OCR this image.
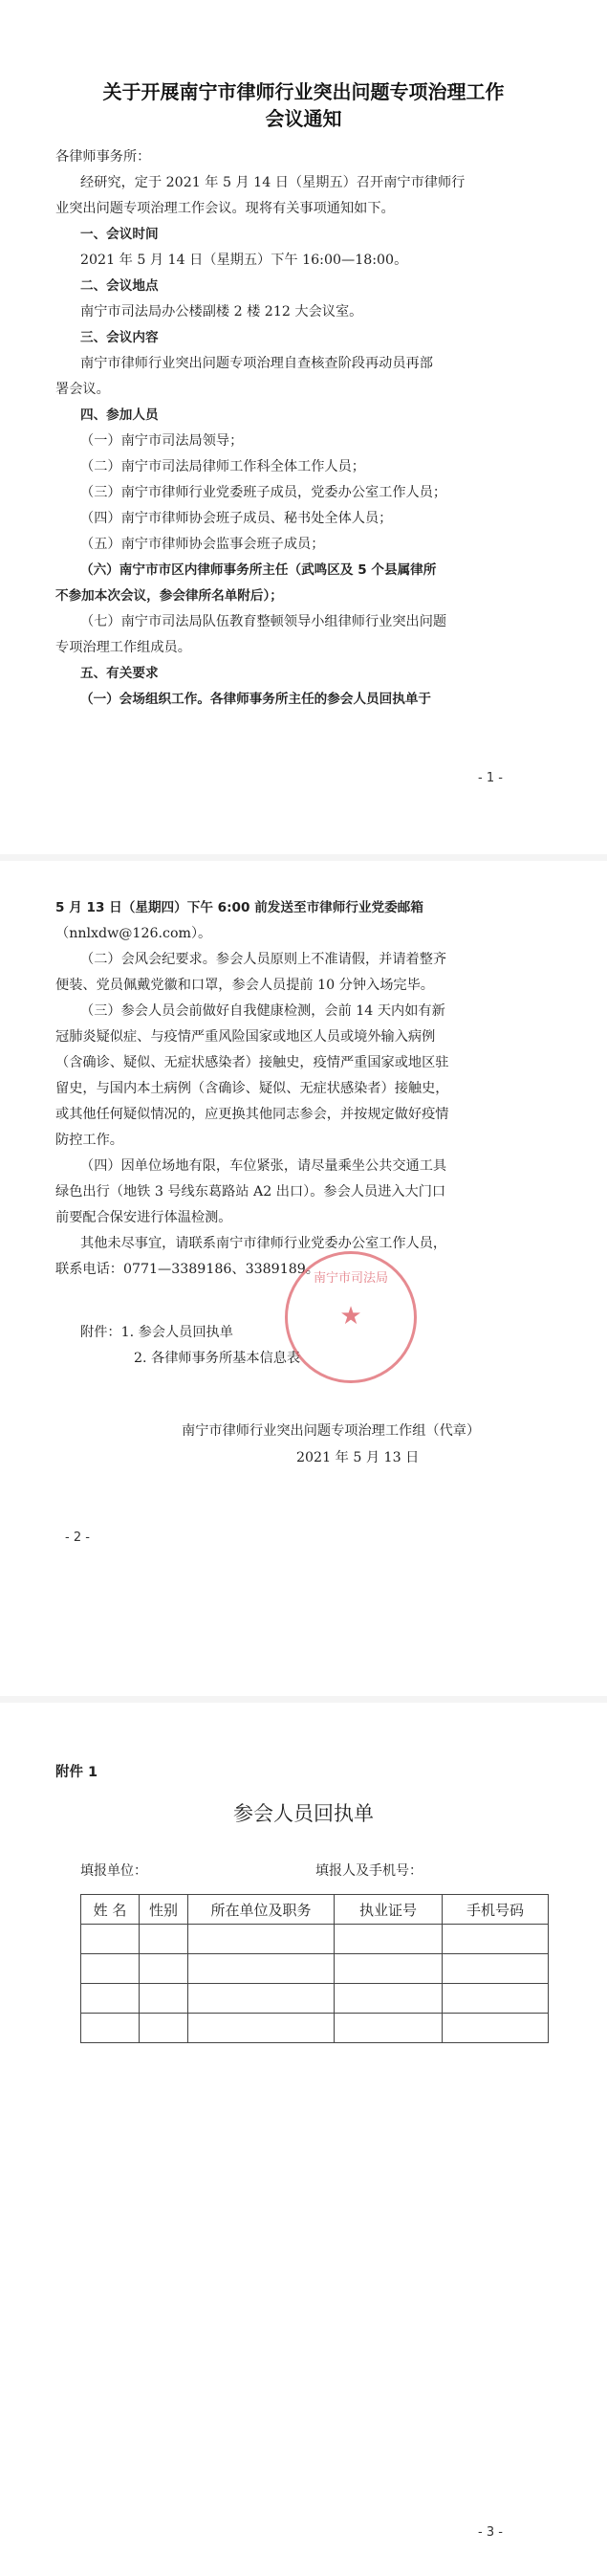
关于开展南宁市律师行业突出问题专项治理工作
会议通知
各律师事务所：
经研究，定于 2021 年 5 月 14 日（星期五）召开南宁市律师行
业突出问题专项治理工作会议。现将有关事项通知如下。
一、会议时间
2021 年 5 月 14 日（星期五）下午 16:00—18:00。
二、会议地点
南宁市司法局办公楼副楼 2 楼 212 大会议室。
三、会议内容
南宁市律师行业突出问题专项治理自查核查阶段再动员再部
署会议。
四、参加人员
（一）南宁市司法局领导；
（二）南宁市司法局律师工作科全体工作人员；
（三）南宁市律师行业党委班子成员，党委办公室工作人员；
（四）南宁市律师协会班子成员、秘书处全体人员；
（五）南宁市律师协会监事会班子成员；
（六）南宁市市区内律师事务所主任（武鸣区及 5 个县属律所
不参加本次会议，参会律所名单附后）；
（七）南宁市司法局队伍教育整顿领导小组律师行业突出问题
专项治理工作组成员。
五、有关要求
（一）会场组织工作。各律师事务所主任的参会人员回执单于
- 1 -
5 月 13 日（星期四）下午 6:00 前发送至市律师行业党委邮箱
（nnlxdw@126.com）。
（二）会风会纪要求。参会人员原则上不准请假，并请着整齐
便装、党员佩戴党徽和口罩，参会人员提前 10 分钟入场完毕。
（三）参会人员会前做好自我健康检测，会前 14 天内如有新
冠肺炎疑似症、与疫情严重风险国家或地区人员或境外输入病例
（含确诊、疑似、无症状感染者）接触史，疫情严重国家或地区驻
留史，与国内本土病例（含确诊、疑似、无症状感染者）接触史，
或其他任何疑似情况的，应更换其他同志参会，并按规定做好疫情
防控工作。
（四）因单位场地有限，车位紧张，请尽量乘坐公共交通工具
绿色出行（地铁 3 号线东葛路站 A2 出口）。参会人员进入大门口
前要配合保安进行体温检测。
其他未尽事宜，请联系南宁市律师行业党委办公室工作人员，
联系电话：0771—3389186、3389189。
附件：1. 参会人员回执单
2. 各律师事务所基本信息表
南宁市律师行业突出问题专项治理工作组（代章）
2021 年 5 月 13 日
- 2 -
南宁市司法局
★
附件 1
参会人员回执单
填报单位：	填报人及手机号：
姓 名	性别	所在单位及职务	执业证号	手机号码

- 3 -
